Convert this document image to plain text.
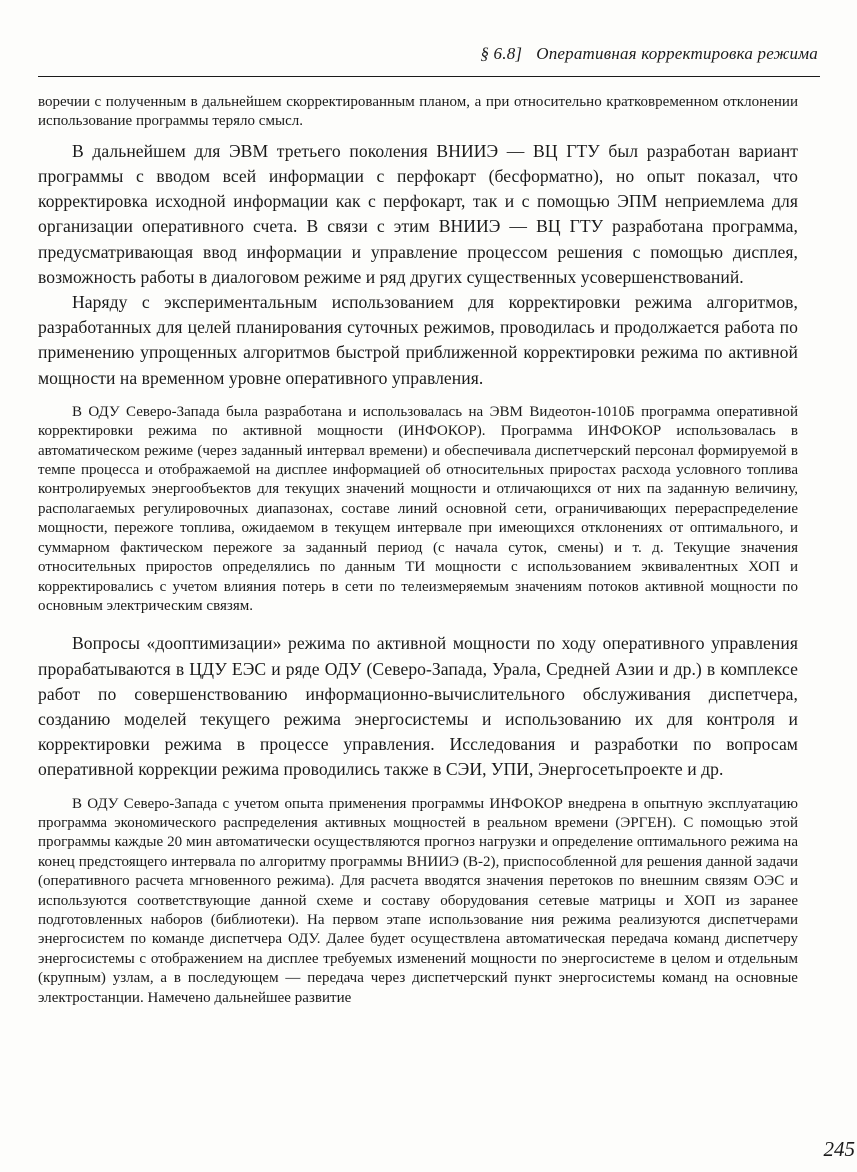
§ 6.8] Оперативная корректировка режима

воречии с полученным в дальнейшем скорректированным планом, а при относительно кратковременном отклонении использование программы теряло смысл.

В дальнейшем для ЭВМ третьего поколения ВНИИЭ — ВЦ ГТУ был разработан вариант программы с вводом всей информации с перфокарт (бесформатно), но опыт показал, что корректировка исходной информации как с перфокарт, так и с помощью ЭПМ неприемлема для организации оперативного счета. В связи с этим ВНИИЭ — ВЦ ГТУ разработана программа, предусматривающая ввод информации и управление процессом решения с помощью дисплея, возможность работы в диалоговом режиме и ряд других существенных усовершенствований.

Наряду с экспериментальным использованием для корректировки режима алгоритмов, разработанных для целей планирования суточных режимов, проводилась и продолжается работа по применению упрощенных алгоритмов быстрой приближенной корректировки режима по активной мощности на временном уровне оперативного управления.

В ОДУ Северо-Запада была разработана и использовалась на ЭВМ Видеотон-1010Б программа оперативной корректировки режима по активной мощности (ИНФОКОР). Программа ИНФОКОР использовалась в автоматическом режиме (через заданный интервал времени) и обеспечивала диспетчерский персонал формируемой в темпе процесса и отображаемой на дисплее информацией об относительных приростах расхода условного топлива контролируемых энергообъектов для текущих значений мощности и отличающихся от них па заданную величину, располагаемых регулировочных диапазонах, составе линий основной сети, ограничивающих перераспределение мощности, пережоге топлива, ожидаемом в текущем интервале при имеющихся отклонениях от оптимального, и суммарном фактическом пережоге за заданный период (с начала суток, смены) и т. д. Текущие значения относительных приростов определялись по данным ТИ мощности с использованием эквивалентных ХОП и корректировались с учетом влияния потерь в сети по телеизмеряемым значениям потоков активной мощности по основным электрическим связям.

Вопросы «дооптимизации» режима по активной мощности по ходу оперативного управления прорабатываются в ЦДУ ЕЭС и ряде ОДУ (Северо-Запада, Урала, Средней Азии и др.) в комплексе работ по совершенствованию информационно-вычислительного обслуживания диспетчера, созданию моделей текущего режима энергосистемы и использованию их для контроля и корректировки режима в процессе управления. Исследования и разработки по вопросам оперативной коррекции режима проводились также в СЭИ, УПИ, Энергосетьпроекте и др.

В ОДУ Северо-Запада с учетом опыта применения программы ИНФОКОР внедрена в опытную эксплуатацию программа экономического распределения активных мощностей в реальном времени (ЭРГЕН). С помощью этой программы каждые 20 мин автоматически осуществляются прогноз нагрузки и определение оптимального режима на конец предстоящего интервала по алгоритму программы ВНИИЭ (В-2), приспособленной для решения данной задачи (оперативного расчета мгновенного режима). Для расчета вводятся значения перетоков по внешним связям ОЭС и используются соответствующие данной схеме и составу оборудования сетевые матрицы и ХОП из заранее подготовленных наборов (библиотеки). На первом этапе использование ния режима реализуются диспетчерами энергосистем по команде диспетчера ОДУ. Далее будет осуществлена автоматическая передача команд диспетчеру энергосистемы с отображением на дисплее требуемых изменений мощности по энергосистеме в целом и отдельным (крупным) узлам, а в последующем — передача через диспетчерский пункт энергосистемы команд на основные электростанции. Намечено дальнейшее развитие

245
